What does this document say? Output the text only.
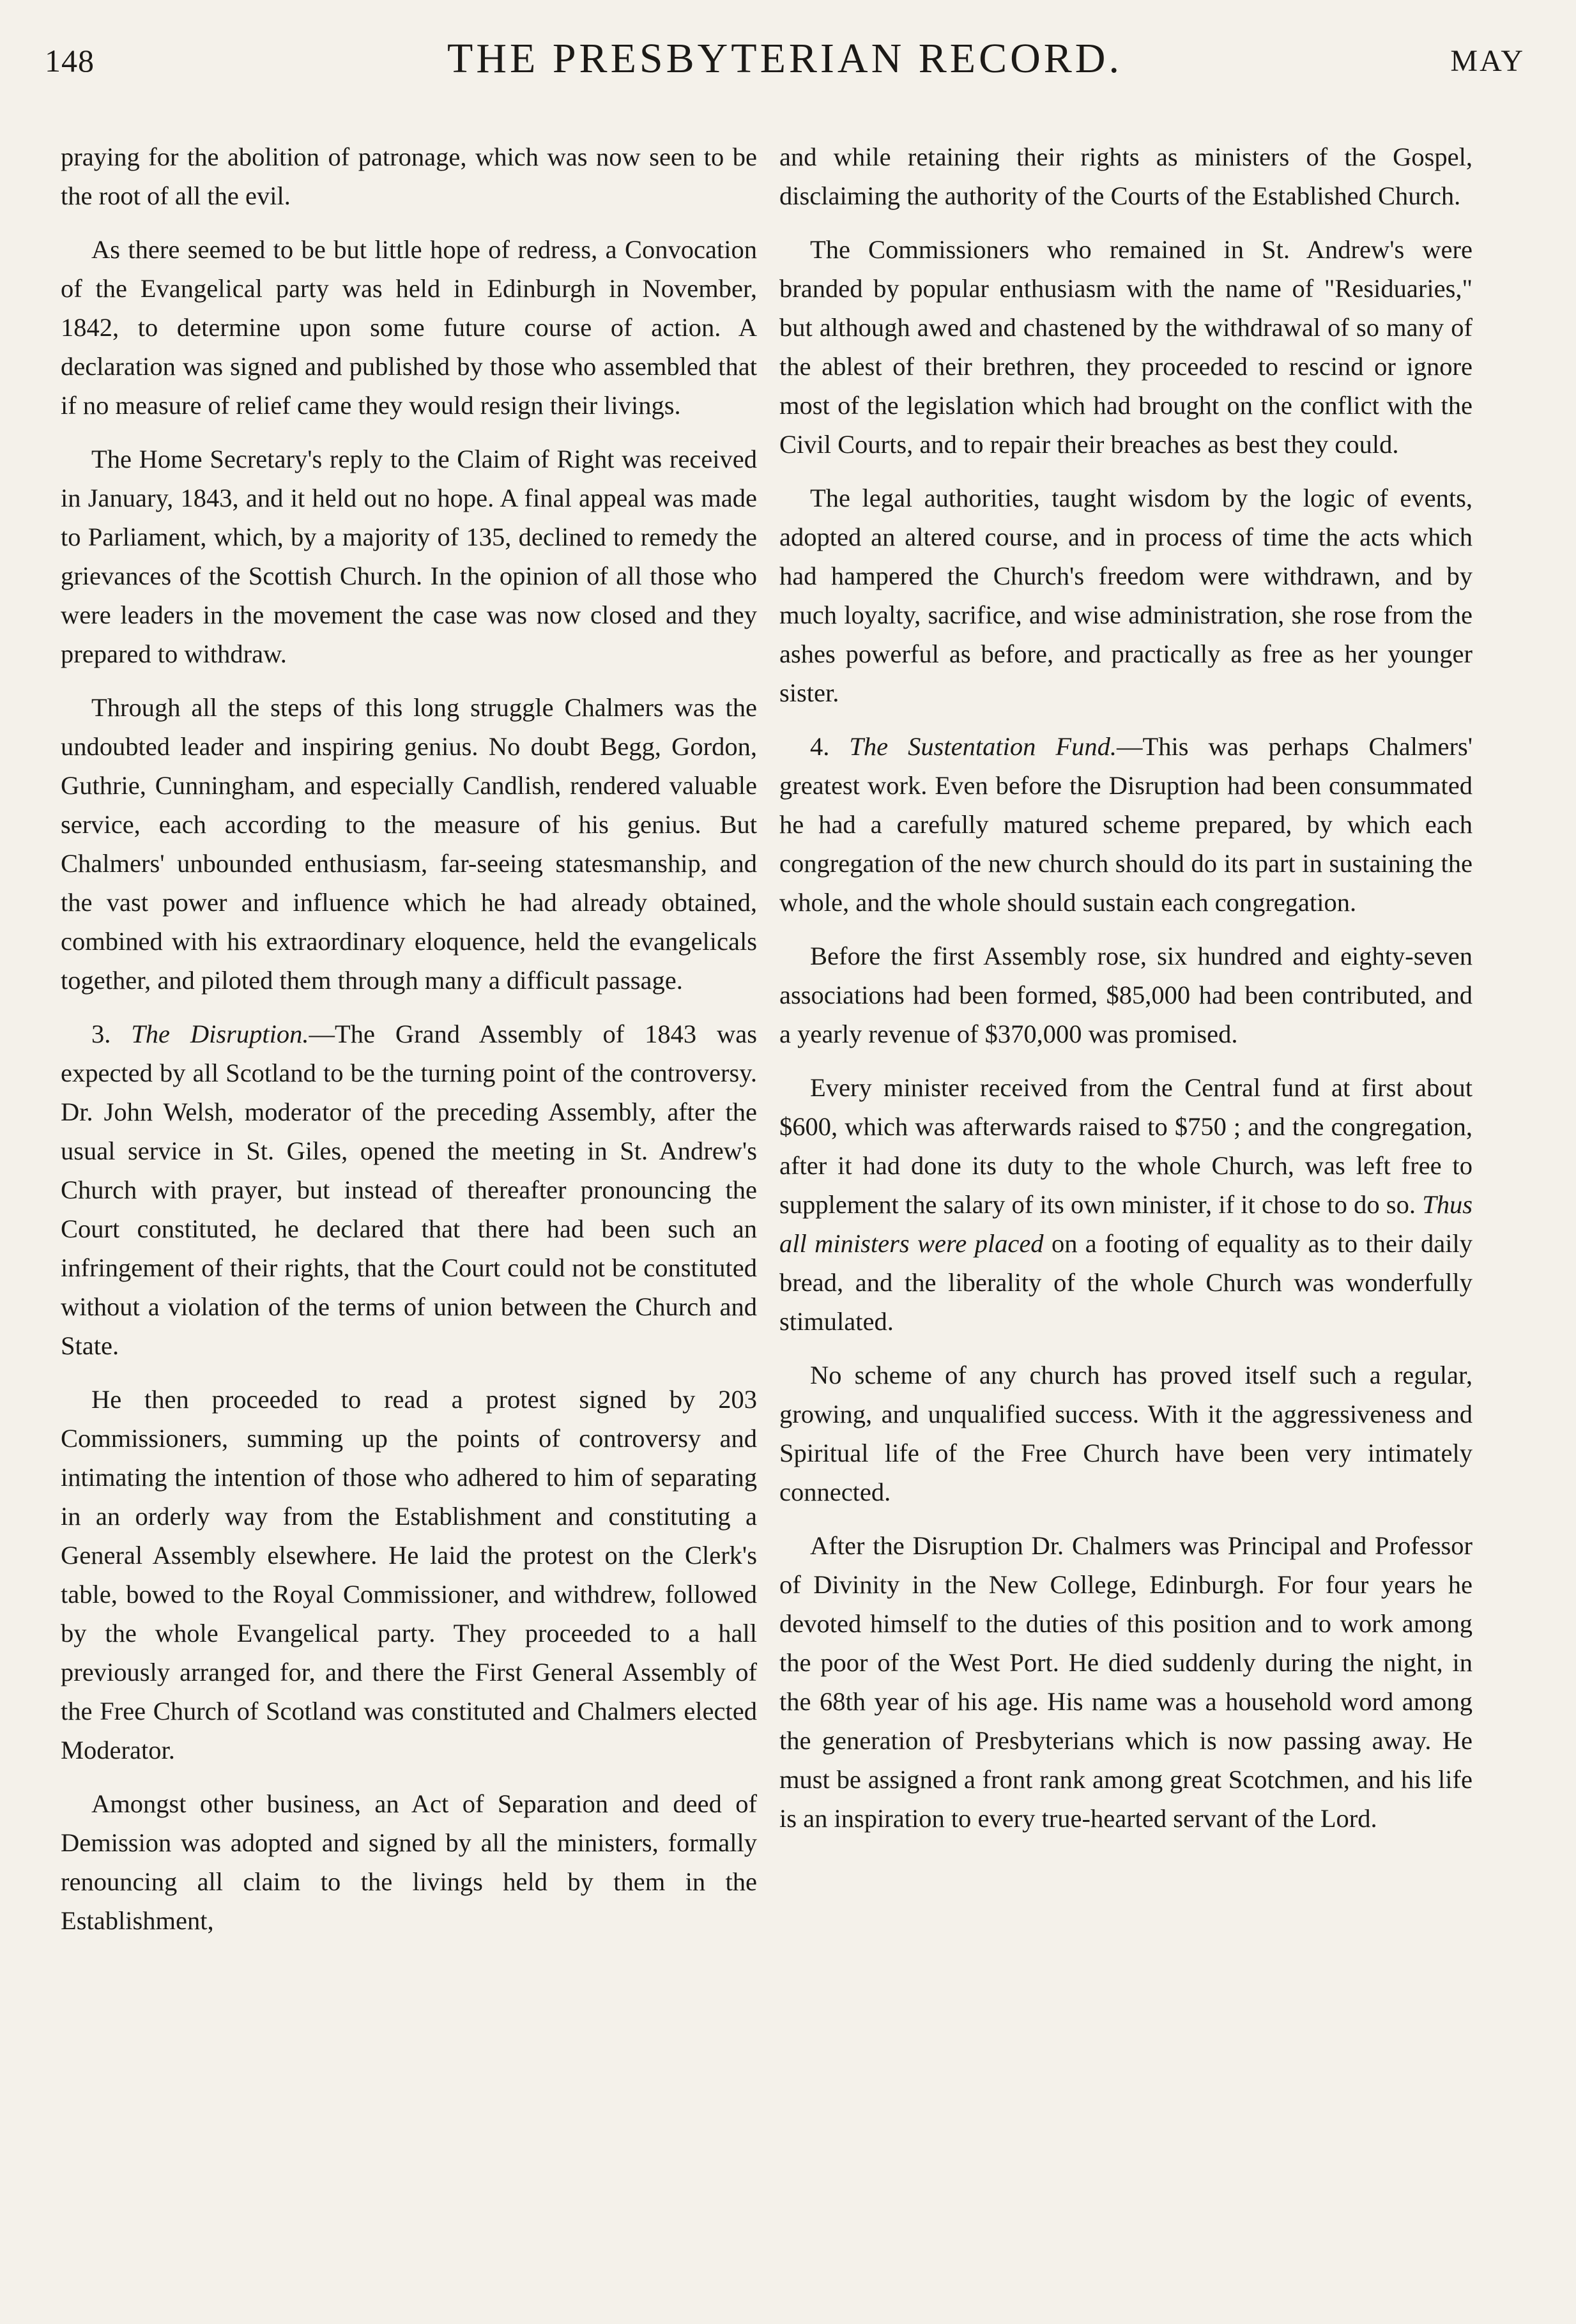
148	THE PRESBYTERIAN RECORD.	MAY

praying for the abolition of patronage, which was now seen to be the root of all the evil.

As there seemed to be but little hope of redress, a Convocation of the Evangelical party was held in Edinburgh in November, 1842, to determine upon some future course of action. A declaration was signed and published by those who assembled that if no measure of relief came they would resign their livings.

The Home Secretary's reply to the Claim of Right was received in January, 1843, and it held out no hope. A final appeal was made to Parliament, which, by a majority of 135, declined to remedy the grievances of the Scottish Church. In the opinion of all those who were leaders in the movement the case was now closed and they prepared to withdraw.

Through all the steps of this long struggle Chalmers was the undoubted leader and inspiring genius. No doubt Begg, Gordon, Guthrie, Cunningham, and especially Candlish, rendered valuable service, each according to the measure of his genius. But Chalmers' unbounded enthusiasm, far-seeing statesmanship, and the vast power and influence which he had already obtained, combined with his extraordinary eloquence, held the evangelicals together, and piloted them through many a difficult passage.

3. The Disruption.—The Grand Assembly of 1843 was expected by all Scotland to be the turning point of the controversy. Dr. John Welsh, moderator of the preceding Assembly, after the usual service in St. Giles, opened the meeting in St. Andrew's Church with prayer, but instead of thereafter pronouncing the Court constituted, he declared that there had been such an infringement of their rights, that the Court could not be constituted without a violation of the terms of union between the Church and State.

He then proceeded to read a protest signed by 203 Commissioners, summing up the points of controversy and intimating the intention of those who adhered to him of separating in an orderly way from the Establishment and constituting a General Assembly elsewhere. He laid the protest on the Clerk's table, bowed to the Royal Commissioner, and withdrew, followed by the whole Evangelical party. They proceeded to a hall previously arranged for, and there the First General Assembly of the Free Church of Scotland was constituted and Chalmers elected Moderator.

Amongst other business, an Act of Separation and deed of Demission was adopted and signed by all the ministers, formally renouncing all claim to the livings held by them in the Establishment,

and while retaining their rights as ministers of the Gospel, disclaiming the authority of the Courts of the Established Church.

The Commissioners who remained in St. Andrew's were branded by popular enthusiasm with the name of "Residuaries," but although awed and chastened by the withdrawal of so many of the ablest of their brethren, they proceeded to rescind or ignore most of the legislation which had brought on the conflict with the Civil Courts, and to repair their breaches as best they could.

The legal authorities, taught wisdom by the logic of events, adopted an altered course, and in process of time the acts which had hampered the Church's freedom were withdrawn, and by much loyalty, sacrifice, and wise administration, she rose from the ashes powerful as before, and practically as free as her younger sister.

4. The Sustentation Fund.—This was perhaps Chalmers' greatest work. Even before the Disruption had been consummated he had a carefully matured scheme prepared, by which each congregation of the new church should do its part in sustaining the whole, and the whole should sustain each congregation.

Before the first Assembly rose, six hundred and eighty-seven associations had been formed, $85,000 had been contributed, and a yearly revenue of $370,000 was promised.

Every minister received from the Central fund at first about $600, which was afterwards raised to $750 ; and the congregation, after it had done its duty to the whole Church, was left free to supplement the salary of its own minister, if it chose to do so. Thus all ministers were placed on a footing of equality as to their daily bread, and the liberality of the whole Church was wonderfully stimulated.

No scheme of any church has proved itself such a regular, growing, and unqualified success. With it the aggressiveness and Spiritual life of the Free Church have been very intimately connected.

After the Disruption Dr. Chalmers was Principal and Professor of Divinity in the New College, Edinburgh. For four years he devoted himself to the duties of this position and to work among the poor of the West Port. He died suddenly during the night, in the 68th year of his age. His name was a household word among the generation of Presbyterians which is now passing away. He must be assigned a front rank among great Scotchmen, and his life is an inspiration to every true-hearted servant of the Lord.
